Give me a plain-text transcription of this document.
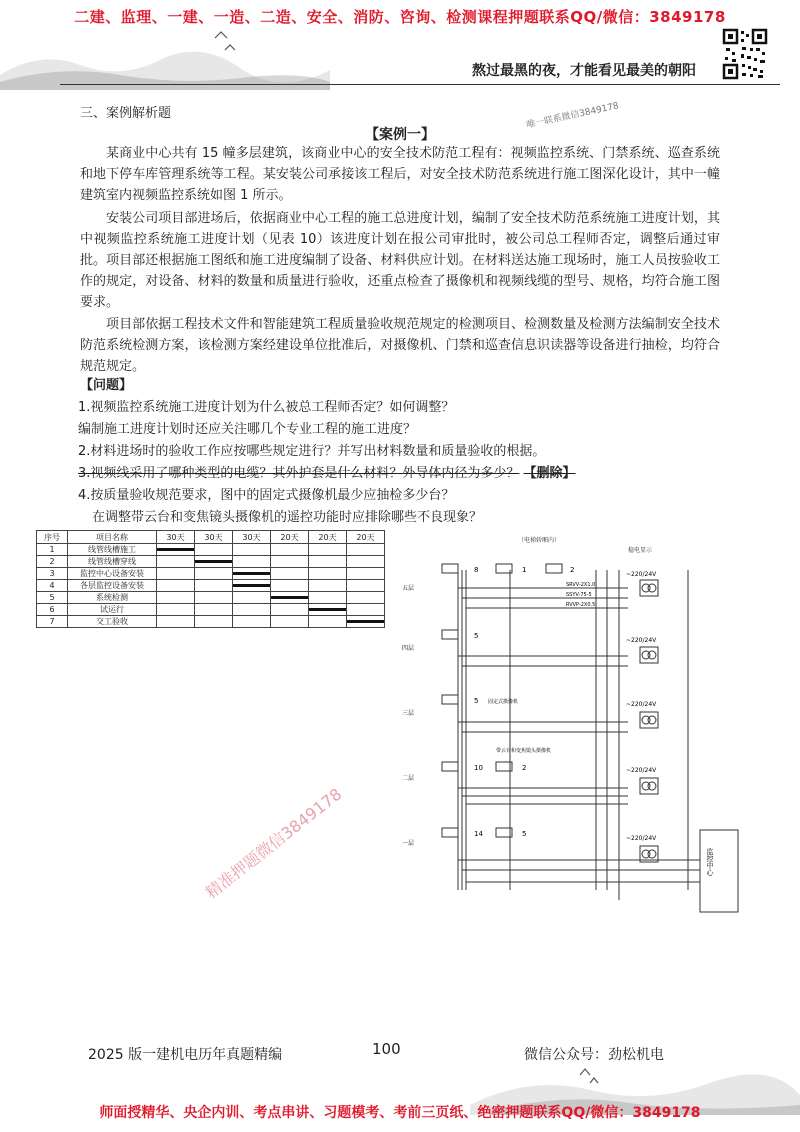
二建、监理、一建、一造、二造、安全、消防、咨询、检测课程押题联系QQ/微信：3849178
熬过最黑的夜，才能看见最美的朝阳
三、案例解析题
【案例一】
唯一联系微信3849178

某商业中心共有 15 幢多层建筑，该商业中心的安全技术防范工程有：视频监控系统、门禁系统、巡查系统和地下停车库管理系统等工程。某安装公司承接该工程后，对安全技术防范系统进行施工图深化设计，其中一幢建筑室内视频监控系统如图 1 所示。

安装公司项目部进场后，依据商业中心工程的施工总进度计划，编制了安全技术防范系统施工进度计划，其中视频监控系统施工进度计划（见表 10）该进度计划在报公司审批时，被公司总工程师否定，调整后通过审批。项目部还根据施工图纸和施工进度编制了设备、材料供应计划。在材料送达施工现场时，施工人员按验收工作的规定，对设备、材料的数量和质量进行验收，还重点检查了摄像机和视频线缆的型号、规格，均符合施工图要求。

项目部依据工程技术文件和智能建筑工程质量验收规范规定的检测项目、检测数量及检测方法编制安全技术防范系统检测方案，该检测方案经建设单位批准后，对摄像机、门禁和巡查信息识读器等设备进行抽检，均符合规范规定。

【问题】
1.视频监控系统施工进度计划为什么被总工程师否定？如何调整？
编制施工进度计划时还应关注哪几个专业工程的施工进度？
2.材料进场时的验收工作应按哪些规定进行？并写出材料数量和质量验收的根据。
3.视频线采用了哪种类型的电缆？其外护套是什么材料？外导体内径为多少？ 【删除】
4.按质量验收规范要求，图中的固定式摄像机最少应抽检多少台？
在调整带云台和变焦镜头摄像机的遥控功能时应排除哪些不良现象？
序号	项目名称	30天	30天	30天	20天	20天	20天
1	线管线槽施工	

2	线管线槽穿线		

3	监控中心设备安装			

4	各层监控设备安装			

5	系统检测				

6	试运行					

7	交工验收						
（电梯轿厢内）
稳电显示
五层
8	1	2
SRVV-2X1.0
SSYV-75-5
RVVP-2X0.5
~220/24V
四层
5
~220/24V
三层
5 固定式摄像机	~220/24V
二层
带云台和变焦镜头摄像机
10	2	~220/24V
一层
14	5
~220/24V
监控中心
精准押题微信3849178
2025 版一建机电历年真题精编	100	微信公众号：劲松机电
师面授精华、央企内训、考点串讲、习题模考、考前三页纸、绝密押题联系QQ/微信：3849178
